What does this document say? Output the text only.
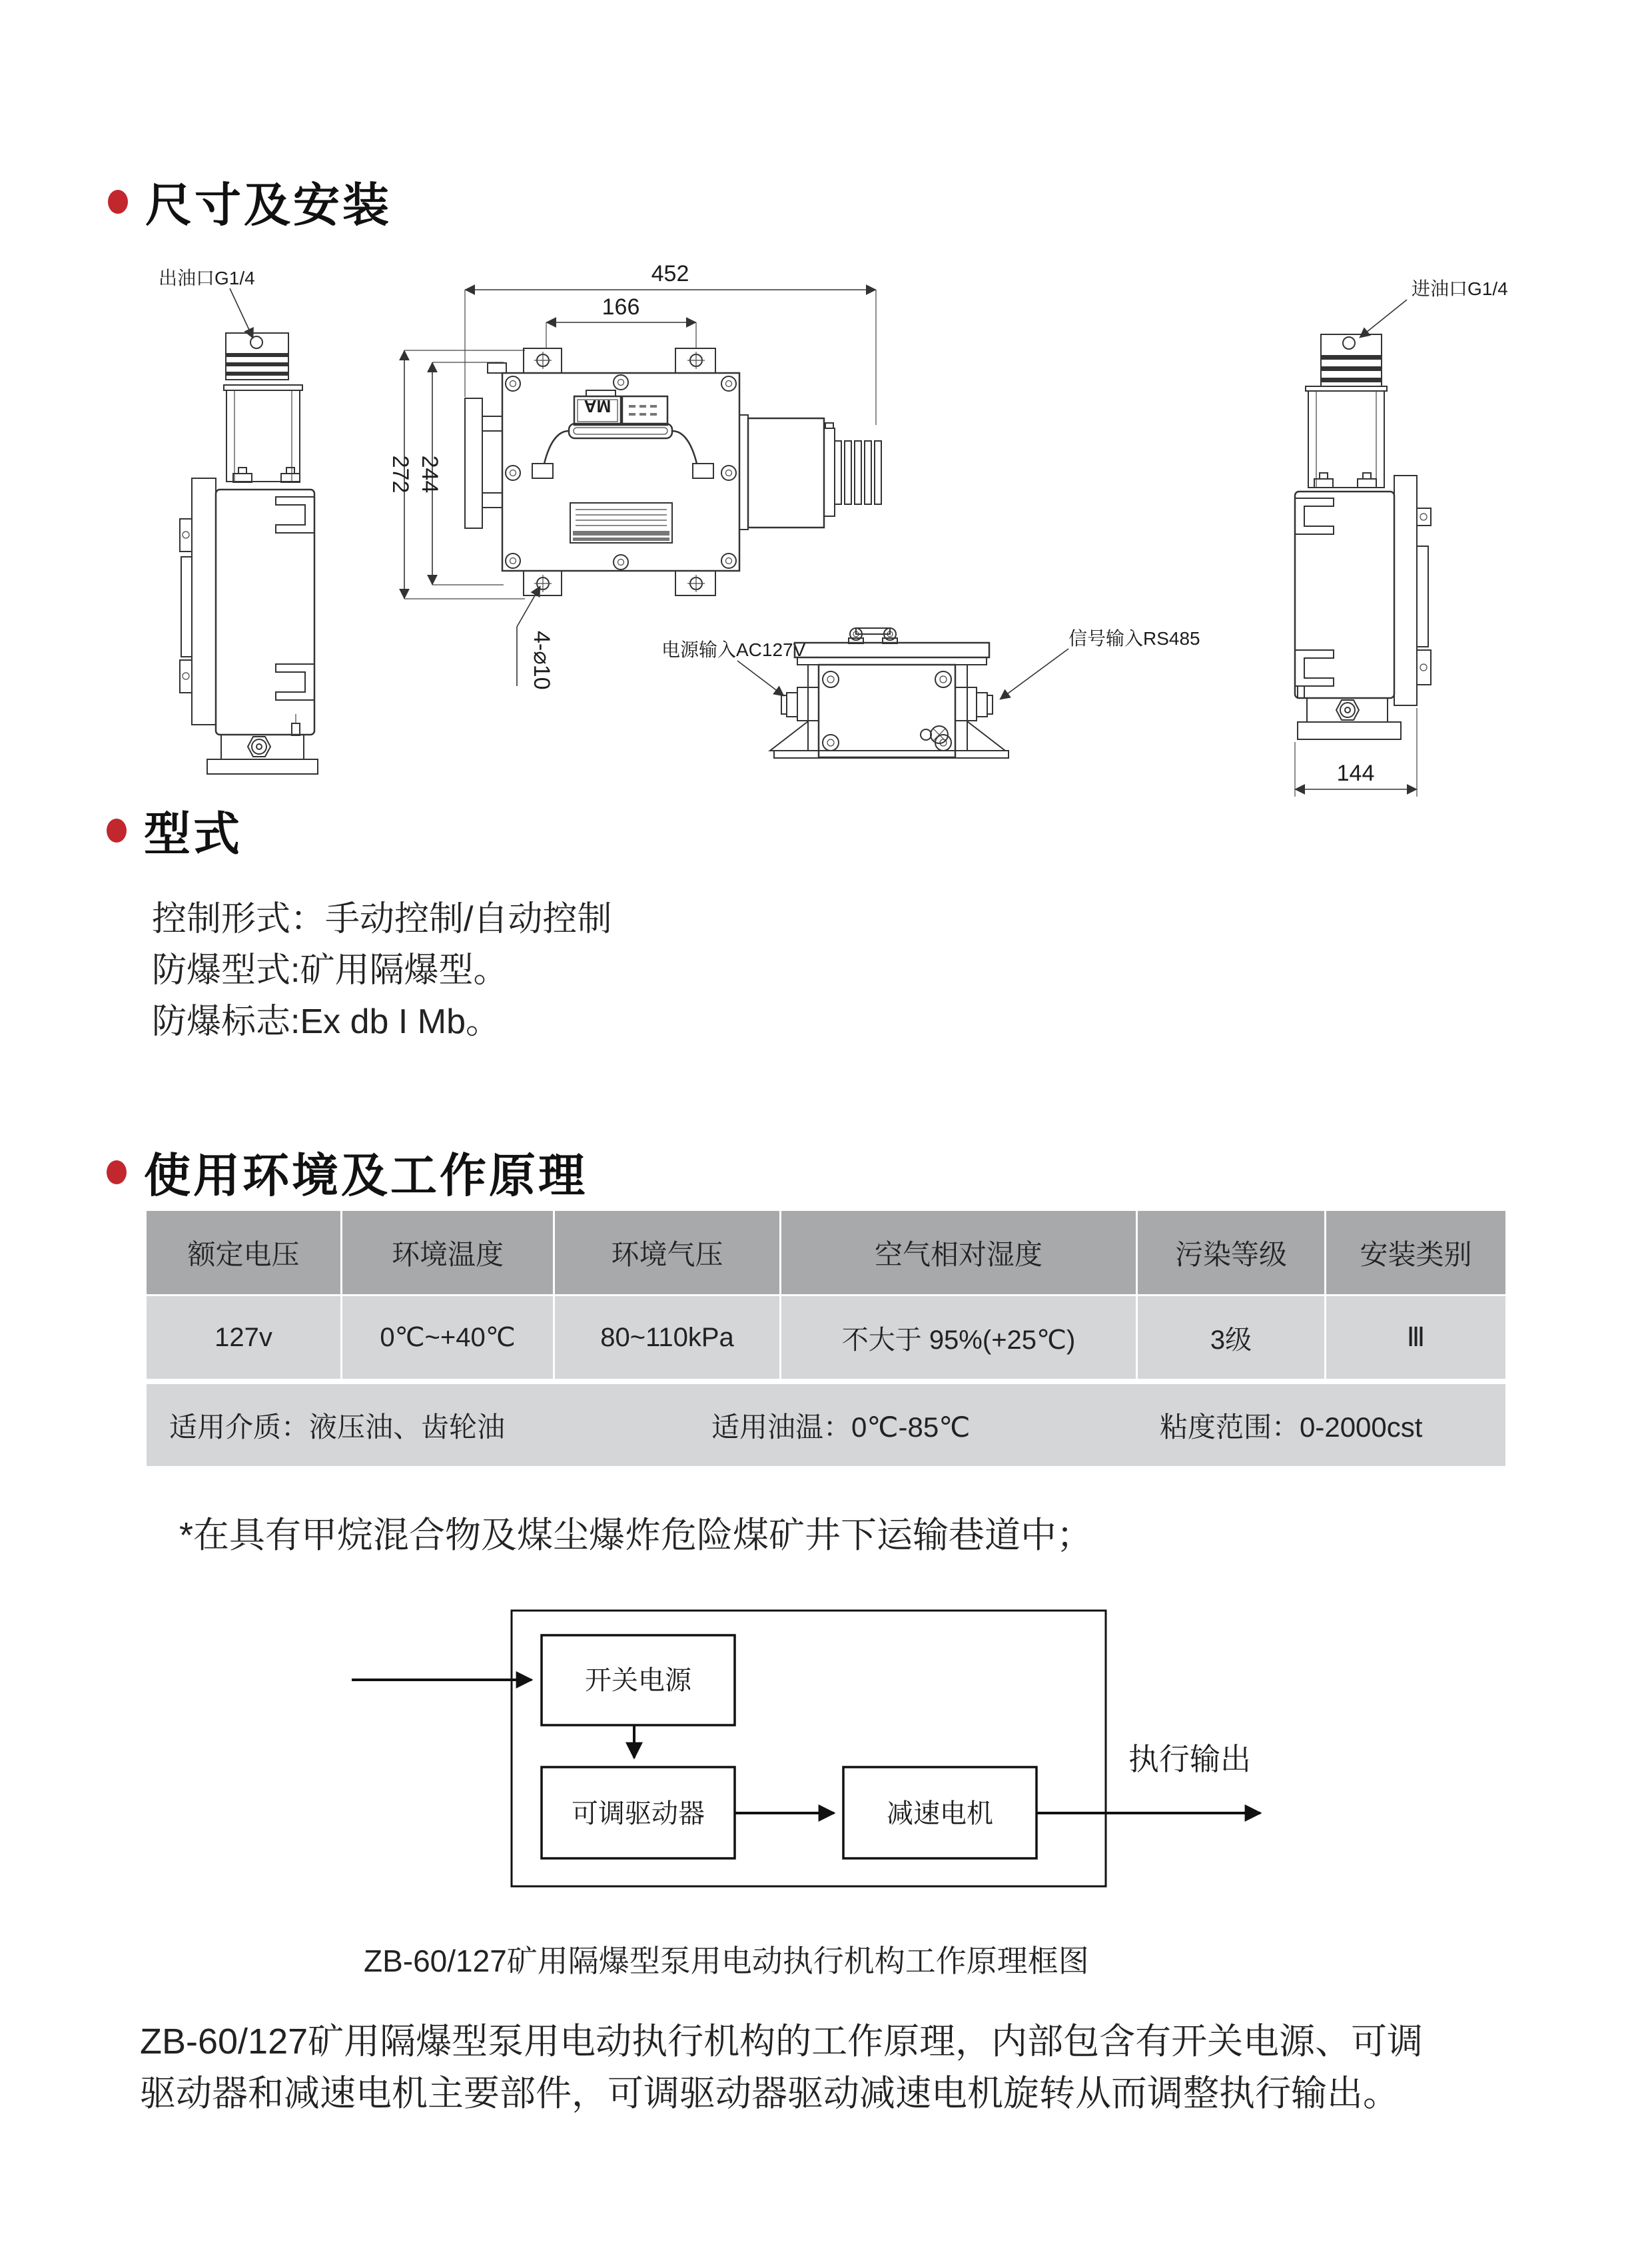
尺寸及安装
出油口G1/4	452
166
272 244
MA
4-⌀10	电源输入AC127V
信号输入RS485
进油口G1/4
144
型式
控制形式：手动控制/自动控制
防爆型式:矿用隔爆型。
防爆标志:Ex db I Mb。
使用环境及工作原理
额定电压	环境温度	环境气压	空气相对湿度	污染等级	安装类别
127v	0℃~+40℃	80~110kPa	不大于 95%(+25℃)	3级	Ⅲ
适用介质：液压油、齿轮油	适用油温：0℃-85℃	粘度范围：0-2000cst
*在具有甲烷混合物及煤尘爆炸危险煤矿井下运输巷道中；
开关电源
可调驱动器	减速电机
执行输出
ZB-60/127矿用隔爆型泵用电动执行机构工作原理框图
ZB-60/127矿用隔爆型泵用电动执行机构的工作原理，内部包含有开关电源、可调
驱动器和减速电机主要部件，可调驱动器驱动减速电机旋转从而调整执行输出。
